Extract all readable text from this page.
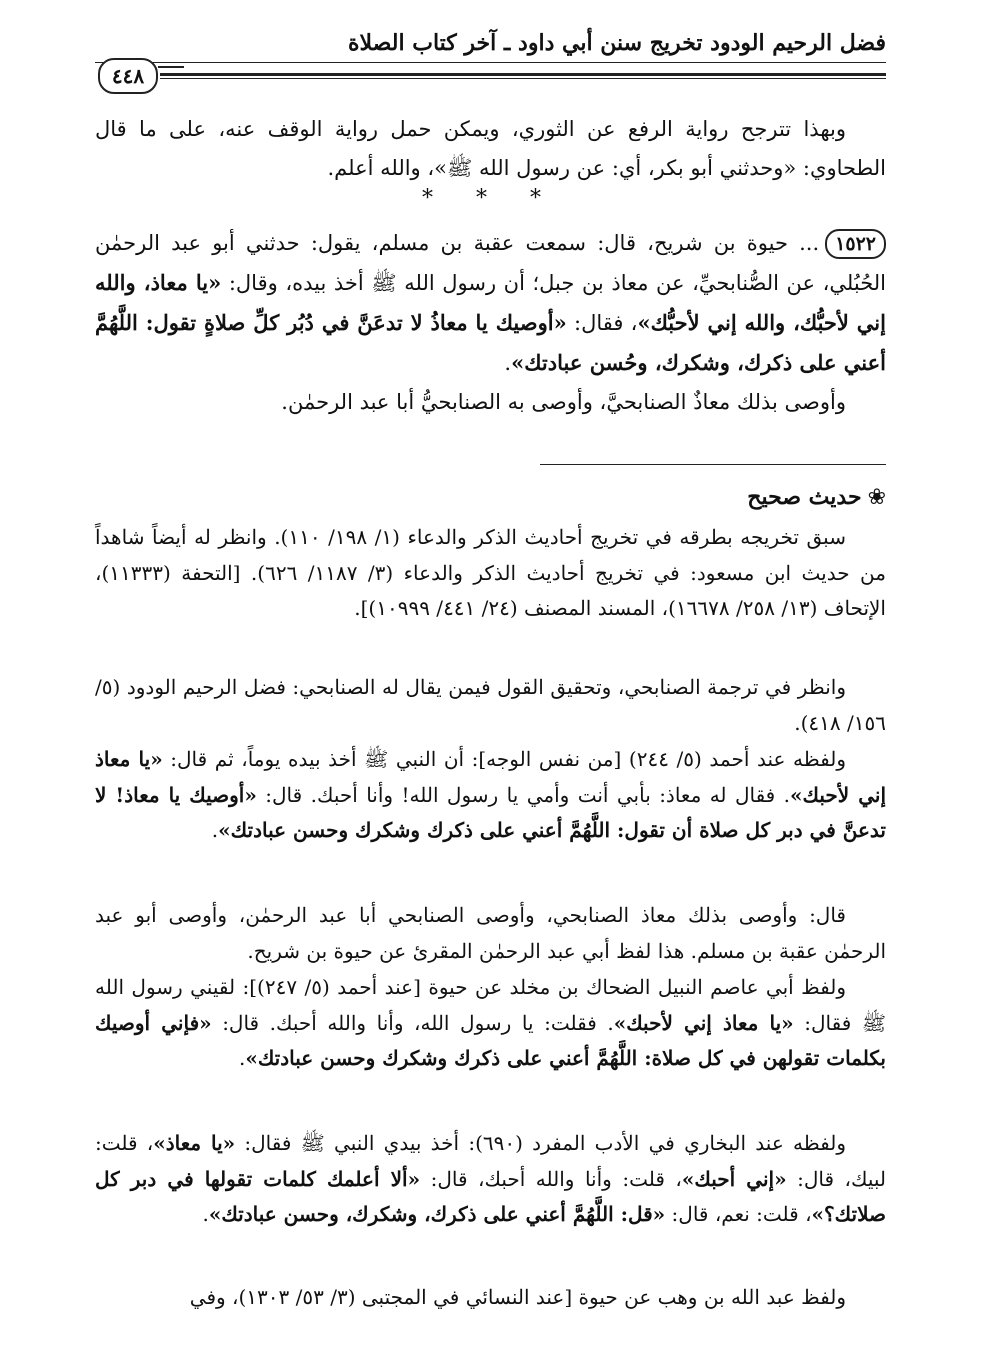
فضل الرحيم الودود تخريج سنن أبي داود ـ آخر كتاب الصلاة
٤٤٨

وبهذا تترجح رواية الرفع عن الثوري، ويمكن حمل رواية الوقف عنه، على ما قال الطحاوي: «وحدثني أبو بكر، أي: عن رسول الله ﷺ»، والله أعلم.

* * *

١٥٢٢... حيوة بن شريح، قال: سمعت عقبة بن مسلم، يقول: حدثني أبو عبد الرحمٰن الحُبُلي، عن الصُّنابحيِّ، عن معاذ بن جبل؛ أن رسول الله ﷺ أخذ بيده، وقال: «يا معاذ، والله إني لأحبُّك، والله إني لأحبُّك»، فقال: «أوصيك يا معاذُ لا تدعَنَّ في دُبُر كلِّ صلاةٍ تقول: اللَّهُمَّ أعني على ذكرك، وشكرك، وحُسن عبادتك».

وأوصى بذلك معاذٌ الصنابحيَّ، وأوصى به الصنابحيُّ أبا عبد الرحمٰن.

❀حديث صحيح

سبق تخريجه بطرقه في تخريج أحاديث الذكر والدعاء (١/ ١٩٨/ ١١٠). وانظر له أيضاً شاهداً من حديث ابن مسعود: في تخريج أحاديث الذكر والدعاء (٣/ ١١٨٧/ ٦٢٦). [التحفة (١١٣٣٣)، الإتحاف (١٣/ ٢٥٨/ ١٦٦٧٨)، المسند المصنف (٢٤/ ٤٤١/ ١٠٩٩٩)].

وانظر في ترجمة الصنابحي، وتحقيق القول فيمن يقال له الصنابحي: فضل الرحيم الودود (٥/ ١٥٦/ ٤١٨).

ولفظه عند أحمد (٥/ ٢٤٤) [من نفس الوجه]: أن النبي ﷺ أخذ بيده يوماً، ثم قال: «يا معاذ إني لأحبك». فقال له معاذ: بأبي أنت وأمي يا رسول الله! وأنا أحبك. قال: «أوصيك يا معاذ! لا تدعنَّ في دبر كل صلاة أن تقول: اللَّهُمَّ أعني على ذكرك وشكرك وحسن عبادتك».

قال: وأوصى بذلك معاذ الصنابحي، وأوصى الصنابحي أبا عبد الرحمٰن، وأوصى أبو عبد الرحمٰن عقبة بن مسلم. هذا لفظ أبي عبد الرحمٰن المقرئ عن حيوة بن شريح.

ولفظ أبي عاصم النبيل الضحاك بن مخلد عن حيوة [عند أحمد (٥/ ٢٤٧)]: لقيني رسول الله ﷺ فقال: «يا معاذ إني لأحبك». فقلت: يا رسول الله، وأنا والله أحبك. قال: «فإني أوصيك بكلمات تقولهن في كل صلاة: اللَّهُمَّ أعني على ذكرك وشكرك وحسن عبادتك».

ولفظه عند البخاري في الأدب المفرد (٦٩٠): أخذ بيدي النبي ﷺ فقال: «يا معاذ»، قلت: لبيك، قال: «إني أحبك»، قلت: وأنا والله أحبك، قال: «ألا أعلمك كلمات تقولها في دبر كل صلاتك؟»، قلت: نعم، قال: «قل: اللَّهُمَّ أعني على ذكرك، وشكرك، وحسن عبادتك».

ولفظ عبد الله بن وهب عن حيوة [عند النسائي في المجتبى (٣/ ٥٣/ ١٣٠٣)، وفي
